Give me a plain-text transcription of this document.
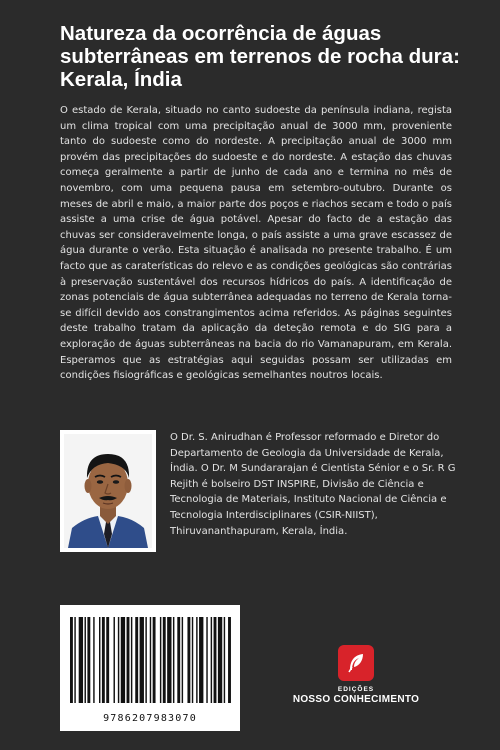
Natureza da ocorrência de águas subterrâneas em terrenos de rocha dura: Kerala, Índia

O estado de Kerala, situado no canto sudoeste da península indiana, regista um clima tropical com uma precipitação anual de 3000 mm, proveniente tanto do sudoeste como do nordeste. A precipitação anual de 3000 mm provém das precipitações do sudoeste e do nordeste. A estação das chuvas começa geralmente a partir de junho de cada ano e termina no mês de novembro, com uma pequena pausa em setembro-outubro. Durante os meses de abril e maio, a maior parte dos poços e riachos secam e todo o país assiste a uma crise de água potável. Apesar do facto de a estação das chuvas ser consideravelmente longa, o país assiste a uma grave escassez de água durante o verão. Esta situação é analisada no presente trabalho. É um facto que as caraterísticas do relevo e as condições geológicas são contrárias à preservação sustentável dos recursos hídricos do país. A identificação de zonas potenciais de água subterrânea adequadas no terreno de Kerala torna-se difícil devido aos constrangimentos acima referidos. As páginas seguintes deste trabalho tratam da aplicação da deteção remota e do SIG para a exploração de águas subterrâneas na bacia do rio Vamanapuram, em Kerala. Esperamos que as estratégias aqui seguidas possam ser utilizadas em condições fisiográficas e geológicas semelhantes noutros locais.

O Dr. S. Anirudhan é Professor reformado e Diretor do Departamento de Geologia da Universidade de Kerala, Índia. O Dr. M Sundararajan é Cientista Sénior e o Sr. R G Rejith é bolseiro DST INSPIRE, Divisão de Ciência e Tecnologia de Materiais, Instituto Nacional de Ciência e Tecnologia Interdisciplinares (CSIR-NIIST), Thiruvananthapuram, Kerala, Índia.

9786207983070
EDIÇÕES
NOSSO CONHECIMENTO
